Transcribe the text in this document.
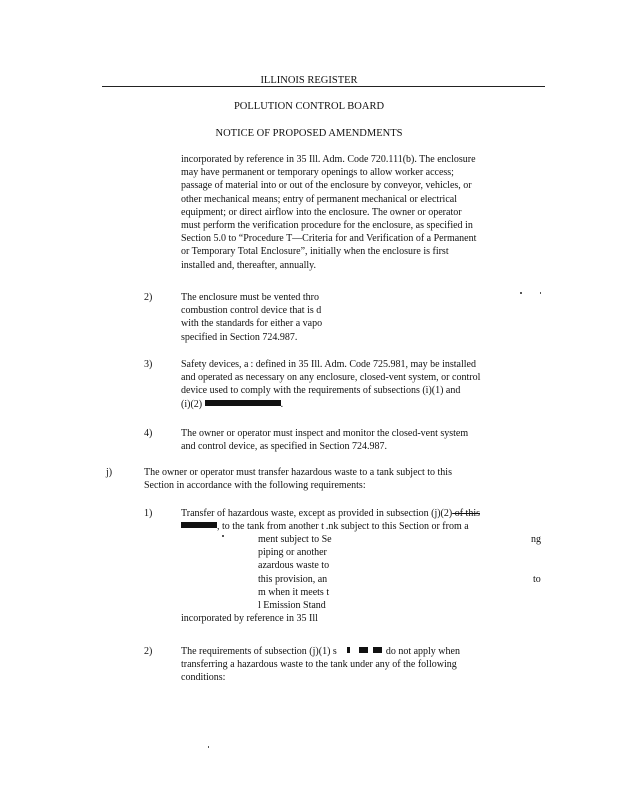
ILLINOIS REGISTER
POLLUTION CONTROL BOARD
NOTICE OF PROPOSED AMENDMENTS
incorporated by reference in 35 Ill. Adm. Code 720.111(b). The enclosure
may have permanent or temporary openings to allow worker access;
passage of material into or out of the enclosure by conveyor, vehicles, or
other mechanical means; entry of permanent mechanical or electrical
equipment; or direct airflow into the enclosure. The owner or operator
must perform the verification procedure for the enclosure, as specified in
Section 5.0 to “Procedure T—Criteria for and Verification of a Permanent
or Temporary Total Enclosure”, initially when the enclosure is first
installed and, thereafter, annually.
2)	The enclosure must be vented thro
combustion control device that is d
with the standards for either a vapo
specified in Section 724.987.
3)	Safety devices, a : defined in 35 Ill. Adm. Code 725.981, may be installed
and operated as necessary on any enclosure, closed-vent system, or control
device used to comply with the requirements of subsections (i)(1) and
(i)(2)	.
4)	The owner or operator must inspect and monitor the closed-vent system
and control device, as specified in Section 724.987.
j)	The owner or operator must transfer hazardous waste to a tank subject to this
Section in accordance with the following requirements:
1)	Transfer of hazardous waste, except as provided in subsection (j)(2) of this
, to the tank from another t .nk subject to this Section or from a
ment subject to Se
piping or another
azardous waste to
this provision, an
m when it meets t
l Emission Stand
ng
to
incorporated by reference in 35 Ill
2)	The requirements of subsection (j)(1) s	do not apply when
transferring a hazardous waste to the tank under any of the following
conditions:
